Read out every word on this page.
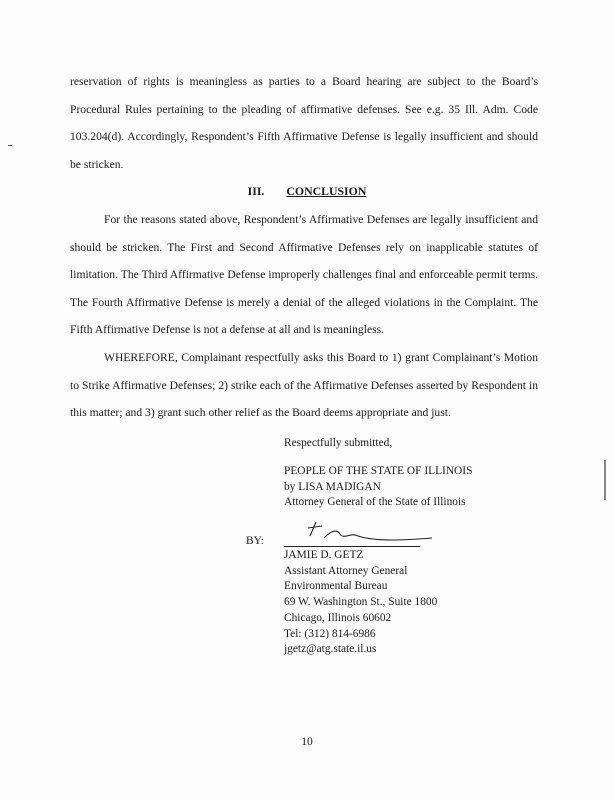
reservation of rights is meaningless as parties to a Board hearing are subject to the Board’s Procedural Rules pertaining to the pleading of affirmative defenses. See e.g. 35 Ill. Adm. Code 103.204(d). Accordingly, Respondent’s Fifth Affirmative Defense is legally insufficient and should be stricken.

III. CONCLUSION

For the reasons stated above, Respondent’s Affirmative Defenses are legally insufficient and should be stricken. The First and Second Affirmative Defenses rely on inapplicable statutes of limitation. The Third Affirmative Defense improperly challenges final and enforceable permit terms. The Fourth Affirmative Defense is merely a denial of the alleged violations in the Complaint. The Fifth Affirmative Defense is not a defense at all and is meaningless.

WHEREFORE, Complainant respectfully asks this Board to 1) grant Complainant’s Motion to Strike Affirmative Defenses; 2) strike each of the Affirmative Defenses asserted by Respondent in this matter; and 3) grant such other relief as the Board deems appropriate and just.

Respectfully submitted,
PEOPLE OF THE STATE OF ILLINOIS
by LISA MADIGAN
Attorney General of the State of Illinois
BY:
JAMIE D. GETZ
Assistant Attorney General
Environmental Bureau
69 W. Washington St., Suite 1800
Chicago, Illinois 60602
Tel: (312) 814-6986
jgetz@atg.state.il.us
10
